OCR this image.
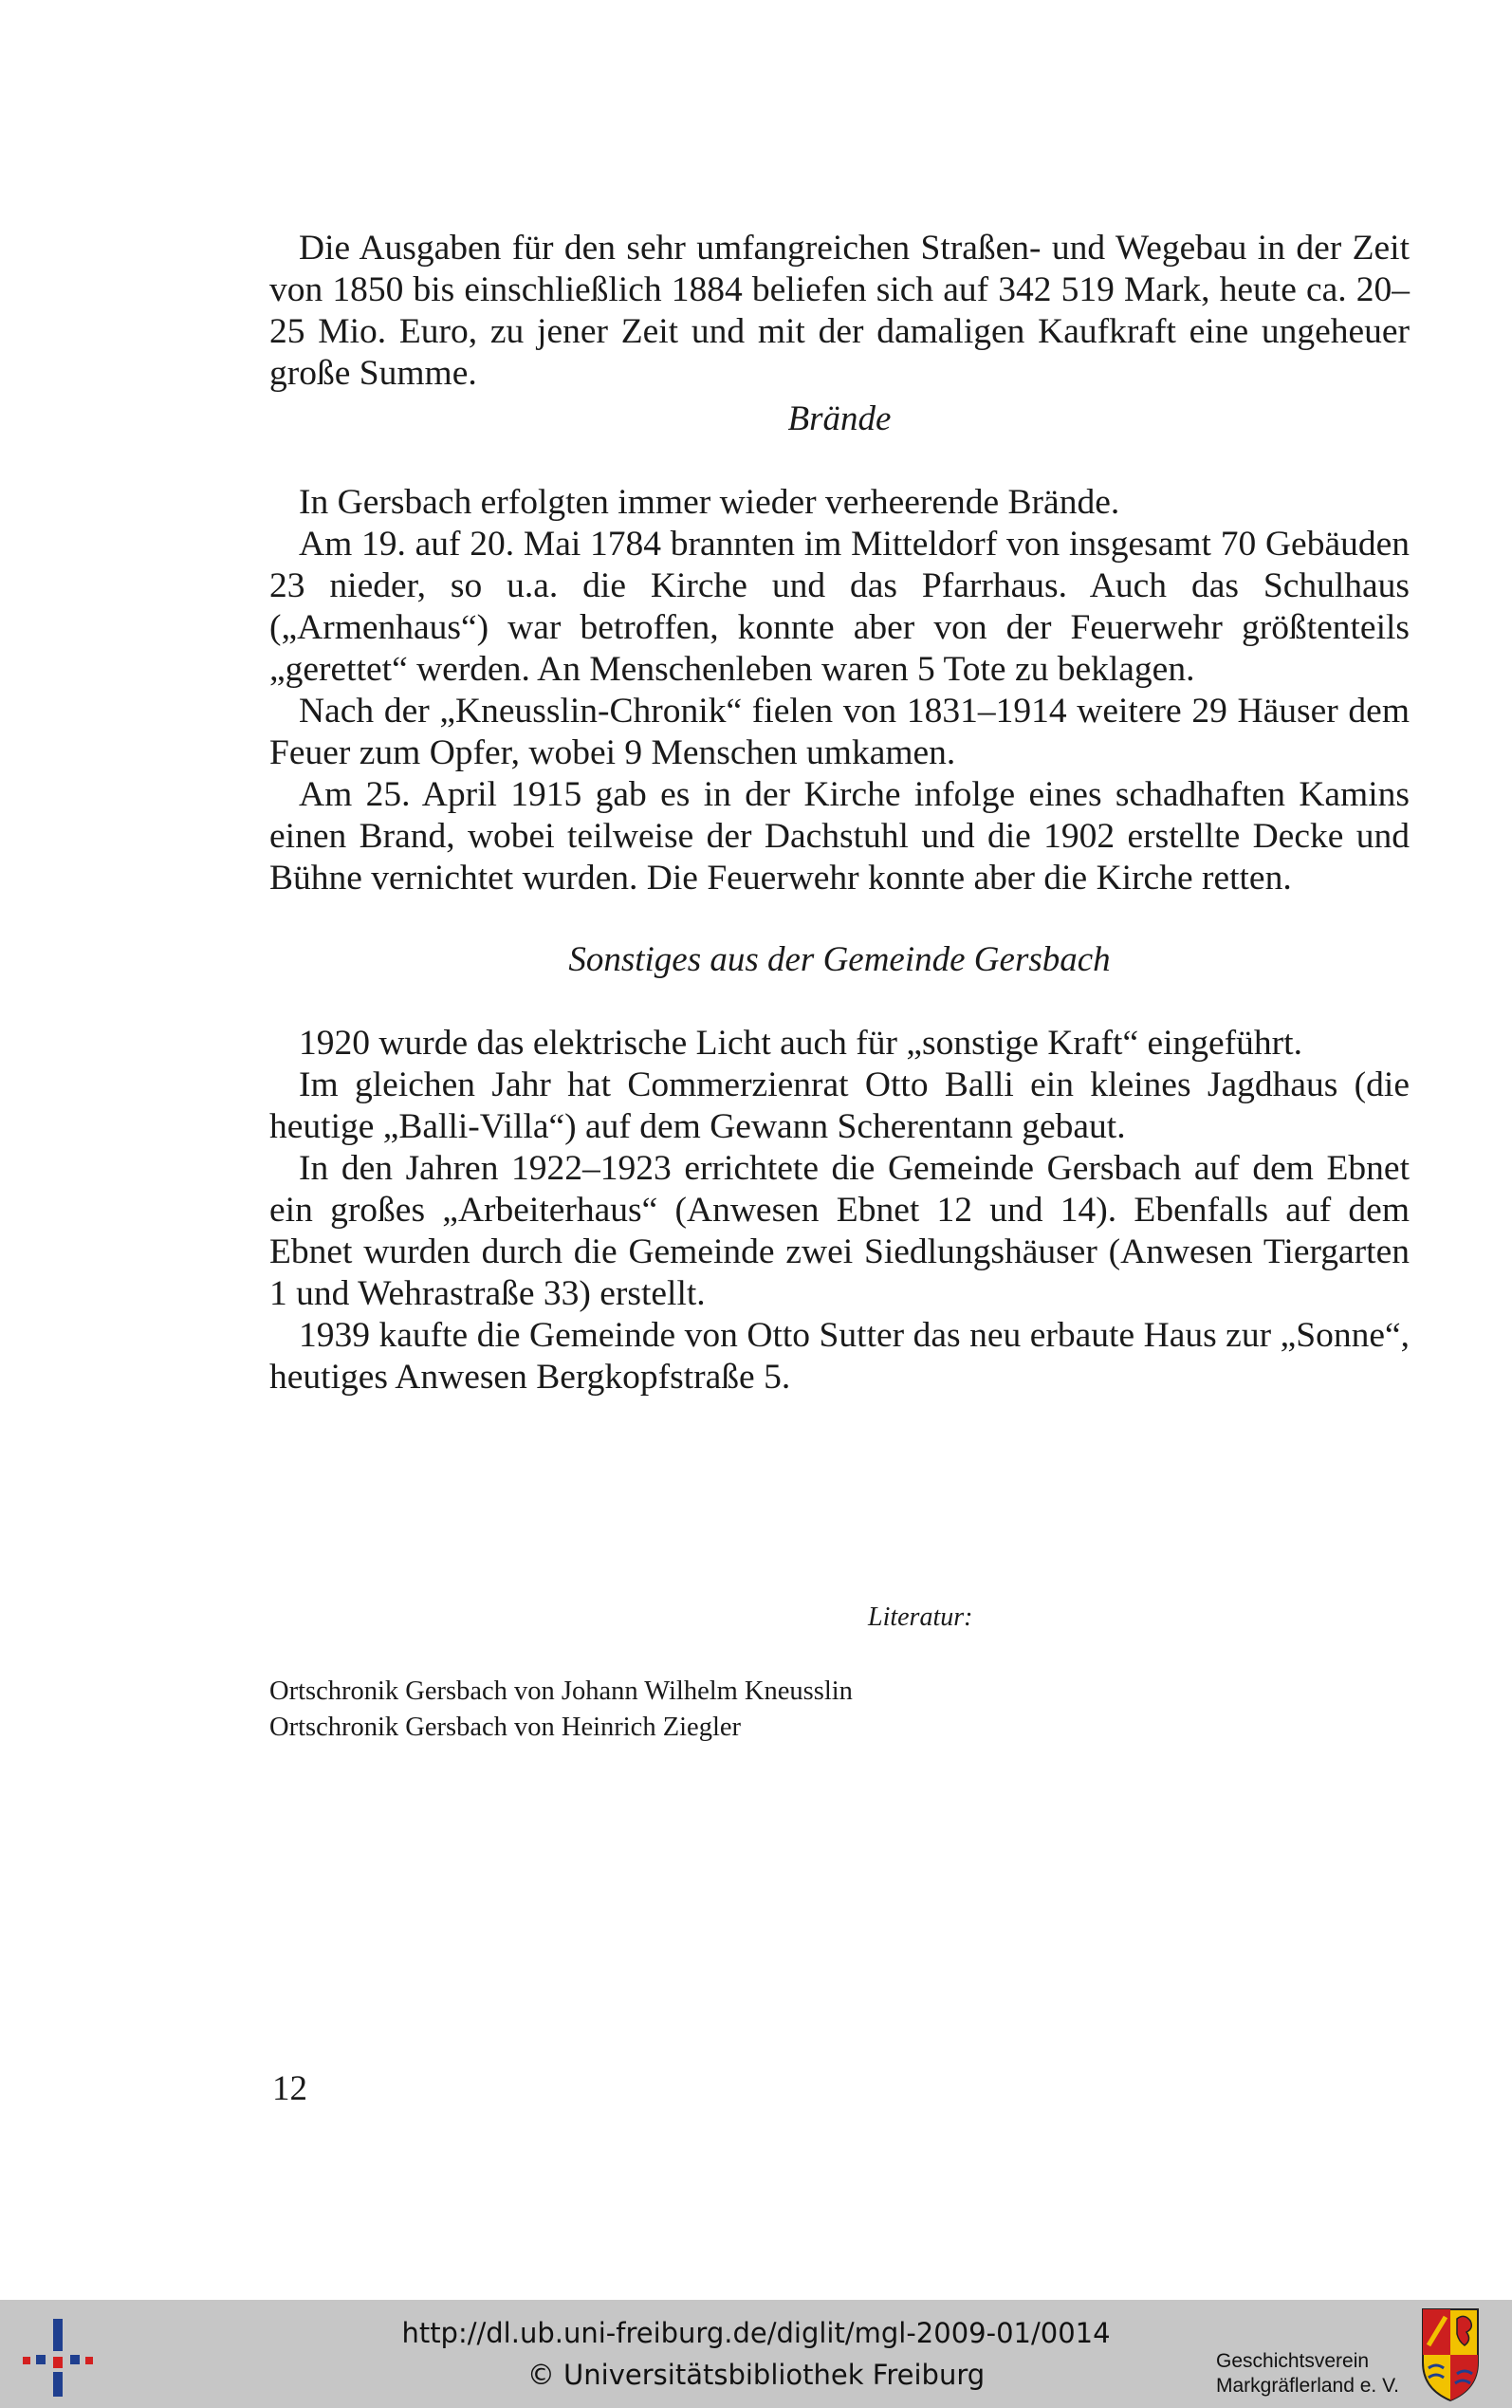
Die Ausgaben für den sehr umfangreichen Straßen- und Wegebau in der Zeit von 1850 bis einschließlich 1884 beliefen sich auf 342 519 Mark, heute ca. 20–25 Mio. Euro, zu jener Zeit und mit der damaligen Kaufkraft eine ungeheuer große Summe.

Brände

In Gersbach erfolgten immer wieder verheerende Brände.

Am 19. auf 20. Mai 1784 brannten im Mitteldorf von insgesamt 70 Gebäuden 23 nieder, so u.a. die Kirche und das Pfarrhaus. Auch das Schulhaus („Armenhaus“) war betroffen, konnte aber von der Feuerwehr größtenteils „gerettet“ werden. An Menschenleben waren 5 Tote zu beklagen.

Nach der „Kneusslin-Chronik“ fielen von 1831–1914 weitere 29 Häuser dem Feuer zum Opfer, wobei 9 Menschen umkamen.

Am 25. April 1915 gab es in der Kirche infolge eines schadhaften Kamins einen Brand, wobei teilweise der Dachstuhl und die 1902 erstellte Decke und Bühne vernichtet wurden. Die Feuerwehr konnte aber die Kirche retten.

Sonstiges aus der Gemeinde Gersbach

1920 wurde das elektrische Licht auch für „sonstige Kraft“ eingeführt.

Im gleichen Jahr hat Commerzienrat Otto Balli ein kleines Jagdhaus (die heutige „Balli-Villa“) auf dem Gewann Scherentann gebaut.

In den Jahren 1922–1923 errichtete die Gemeinde Gersbach auf dem Ebnet ein großes „Arbeiterhaus“ (Anwesen Ebnet 12 und 14). Ebenfalls auf dem Ebnet wurden durch die Gemeinde zwei Siedlungshäuser (Anwesen Tiergarten 1 und Wehrastraße 33) erstellt.

1939 kaufte die Gemeinde von Otto Sutter das neu erbaute Haus zur „Sonne“, heutiges Anwesen Bergkopfstraße 5.

Literatur:
Ortschronik Gersbach von Johann Wilhelm Kneusslin
Ortschronik Gersbach von Heinrich Ziegler
12
http://dl.ub.uni-freiburg.de/diglit/mgl-2009-01/0014
© Universitätsbibliothek Freiburg	Geschichtsverein
Markgräflerland e. V.
